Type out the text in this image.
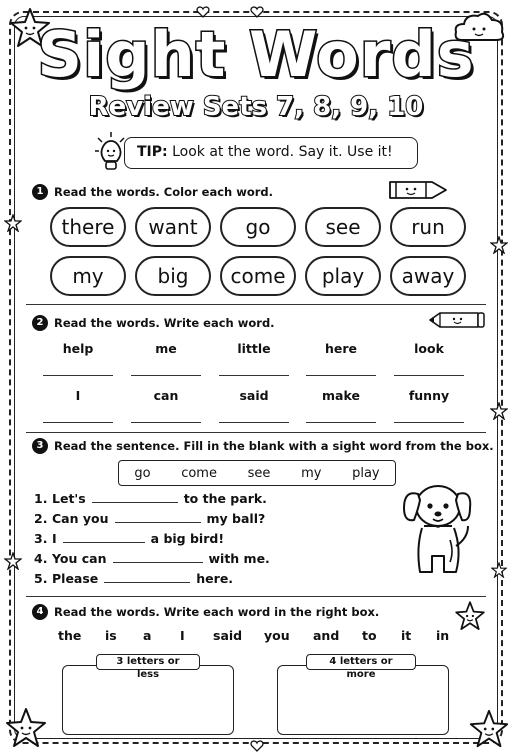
Sight Words
Review Sets 7, 8, 9, 10
TIP: Look at the word. Say it. Use it!
1 Read the words. Color each word.
there	want	go	see	run
my	big	come	play	away
2 Read the words. Write each word.
help	me	little	here	look
I	can	said	make	funny
3 Read the sentence. Fill in the blank with a sight word from the box.
go come see my play
1. Let's	to the park.
2. Can you	my ball?
3. I	a big bird!
4. You can	with me.
5. Please	here.
4 Read the words. Write each word in the right box.
the is a I said you and to it in
3 letters or less
4 letters or more
